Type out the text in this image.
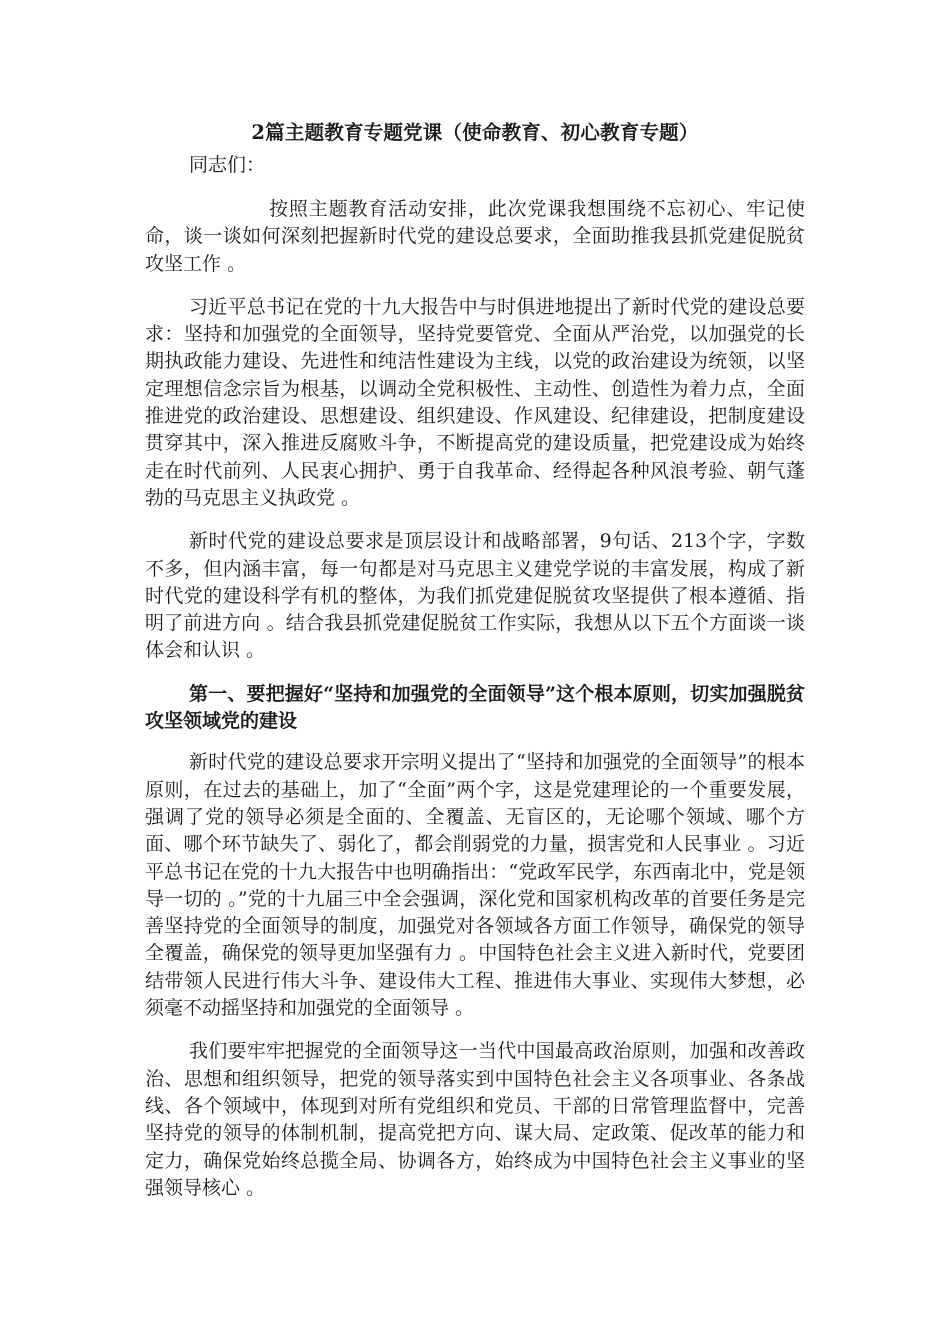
2篇主题教育专题党课（使命教育、初心教育专题）
同志们：

按照主题教育活动安排，此次党课我想围绕不忘初心、牢记使命，谈一谈如何深刻把握新时代党的建设总要求，全面助推我县抓党建促脱贫攻坚工作 。

习近平总书记在党的十九大报告中与时俱进地提出了新时代党的建设总要求：坚持和加强党的全面领导，坚持党要管党、全面从严治党，以加强党的长期执政能力建设、先进性和纯洁性建设为主线，以党的政治建设为统领，以坚定理想信念宗旨为根基，以调动全党积极性、主动性、创造性为着力点，全面推进党的政治建设、思想建设、组织建设、作风建设、纪律建设，把制度建设贯穿其中，深入推进反腐败斗争，不断提高党的建设质量，把党建设成为始终走在时代前列、人民衷心拥护、勇于自我革命、经得起各种风浪考验、朝气蓬勃的马克思主义执政党 。

新时代党的建设总要求是顶层设计和战略部署，9句话、213个字，字数不多，但内涵丰富，每一句都是对马克思主义建党学说的丰富发展，构成了新时代党的建设科学有机的整体，为我们抓党建促脱贫攻坚提供了根本遵循、指明了前进方向 。结合我县抓党建促脱贫工作实际，我想从以下五个方面谈一谈体会和认识 。

第一、要把握好“坚持和加强党的全面领导”这个根本原则，切实加强脱贫攻坚领域党的建设

新时代党的建设总要求开宗明义提出了“坚持和加强党的全面领导”的根本原则，在过去的基础上，加了“全面”两个字，这是党建理论的一个重要发展，强调了党的领导必须是全面的、全覆盖、无盲区的，无论哪个领域、哪个方面、哪个环节缺失了、弱化了，都会削弱党的力量，损害党和人民事业 。习近平总书记在党的十九大报告中也明确指出：“党政军民学，东西南北中，党是领导一切的 。”党的十九届三中全会强调，深化党和国家机构改革的首要任务是完善坚持党的全面领导的制度，加强党对各领域各方面工作领导，确保党的领导全覆盖，确保党的领导更加坚强有力 。中国特色社会主义进入新时代，党要团结带领人民进行伟大斗争、建设伟大工程、推进伟大事业、实现伟大梦想，必须毫不动摇坚持和加强党的全面领导 。

我们要牢牢把握党的全面领导这一当代中国最高政治原则，加强和改善政治、思想和组织领导，把党的领导落实到中国特色社会主义各项事业、各条战线、各个领域中，体现到对所有党组织和党员、干部的日常管理监督中，完善坚持党的领导的体制机制，提高党把方向、谋大局、定政策、促改革的能力和定力，确保党始终总揽全局、协调各方，始终成为中国特色社会主义事业的坚强领导核心 。
